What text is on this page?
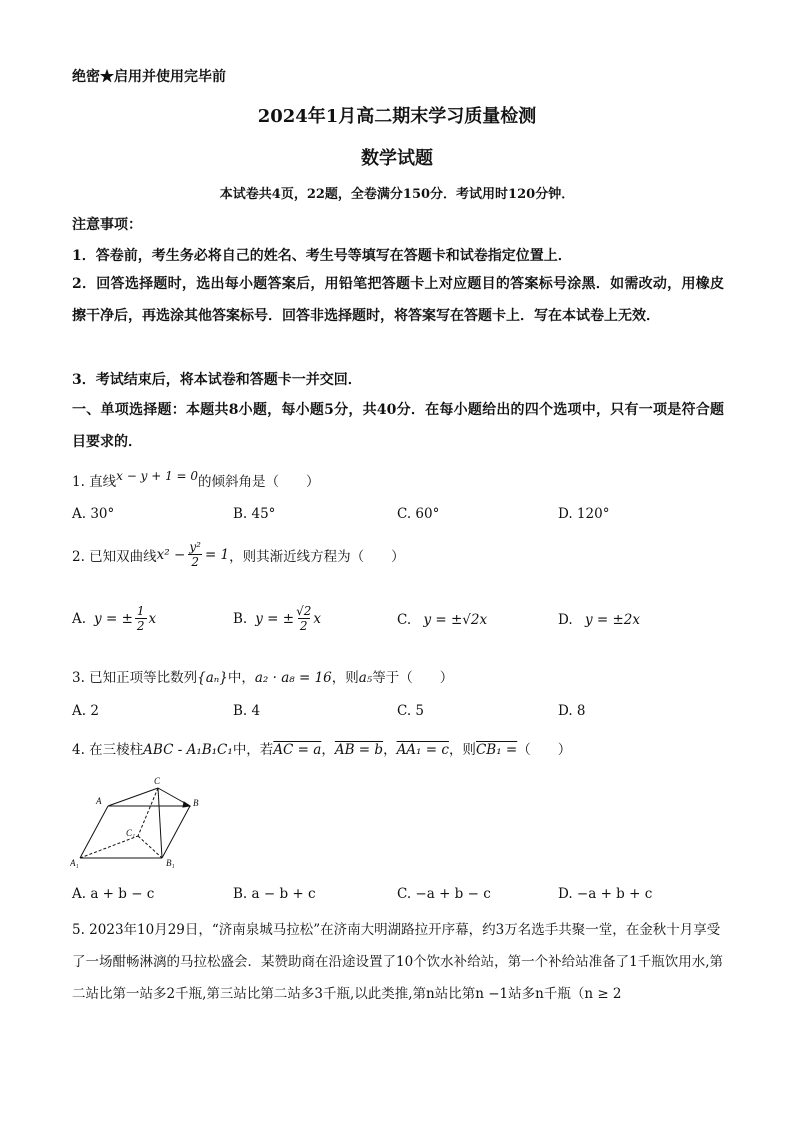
绝密★启用并使用完毕前
2024年1月高二期末学习质量检测
数学试题
本试卷共4页，22题，全卷满分150分．考试用时120分钟．
注意事项：
1．答卷前，考生务必将自己的姓名、考生号等填写在答题卡和试卷指定位置上．
2．回答选择题时，选出每小题答案后，用铅笔把答题卡上对应题目的答案标号涂黑．如需改动，用橡皮擦干净后，再选涂其他答案标号．回答非选择题时，将答案写在答题卡上．写在本试卷上无效．
3．考试结束后，将本试卷和答题卡一并交回．
一、单项选择题：本题共8小题，每小题5分，共40分．在每小题给出的四个选项中，只有一项是符合题目要求的．
1. 直线x − y + 1 = 0的倾斜角是（　　）
A. 30°	B. 45°	C. 60°	D. 120°
2. 已知双曲线 $x^2 - \frac{\text{y²}}{2} = 1$ ，则其渐近线方程为（　　）
A. y = ± $\frac{1}{2}$ x	B. y = ± $\frac{√2}{2}$ x	C. y = ±√2x	D. y = ±2x
3. 已知正项等比数列{aₙ}中，a₂ · a₈ = 16，则a₅等于（　　）
A. 2	B. 4	C. 5	D. 8
4. 在三棱柱ABC - A₁B₁C₁中，若AC = a，AB = b，AA₁ = c，则CB₁ =（　　）
A	B
C
A₁	B₁
C₁
A. a + b − c	B. a − b + c	C. −a + b − c	D. −a + b + c
5. 2023年10月29日，“济南泉城马拉松”在济南大明湖路拉开序幕，约3万名选手共聚一堂，在金秋十月享受了一场酣畅淋漓的马拉松盛会．某赞助商在沿途设置了10个饮水补给站，第一个补给站准备了1千瓶饮用水,第二站比第一站多2千瓶,第三站比第二站多3千瓶,以此类推,第n站比第n −1站多n千瓶（n ≥ 2
